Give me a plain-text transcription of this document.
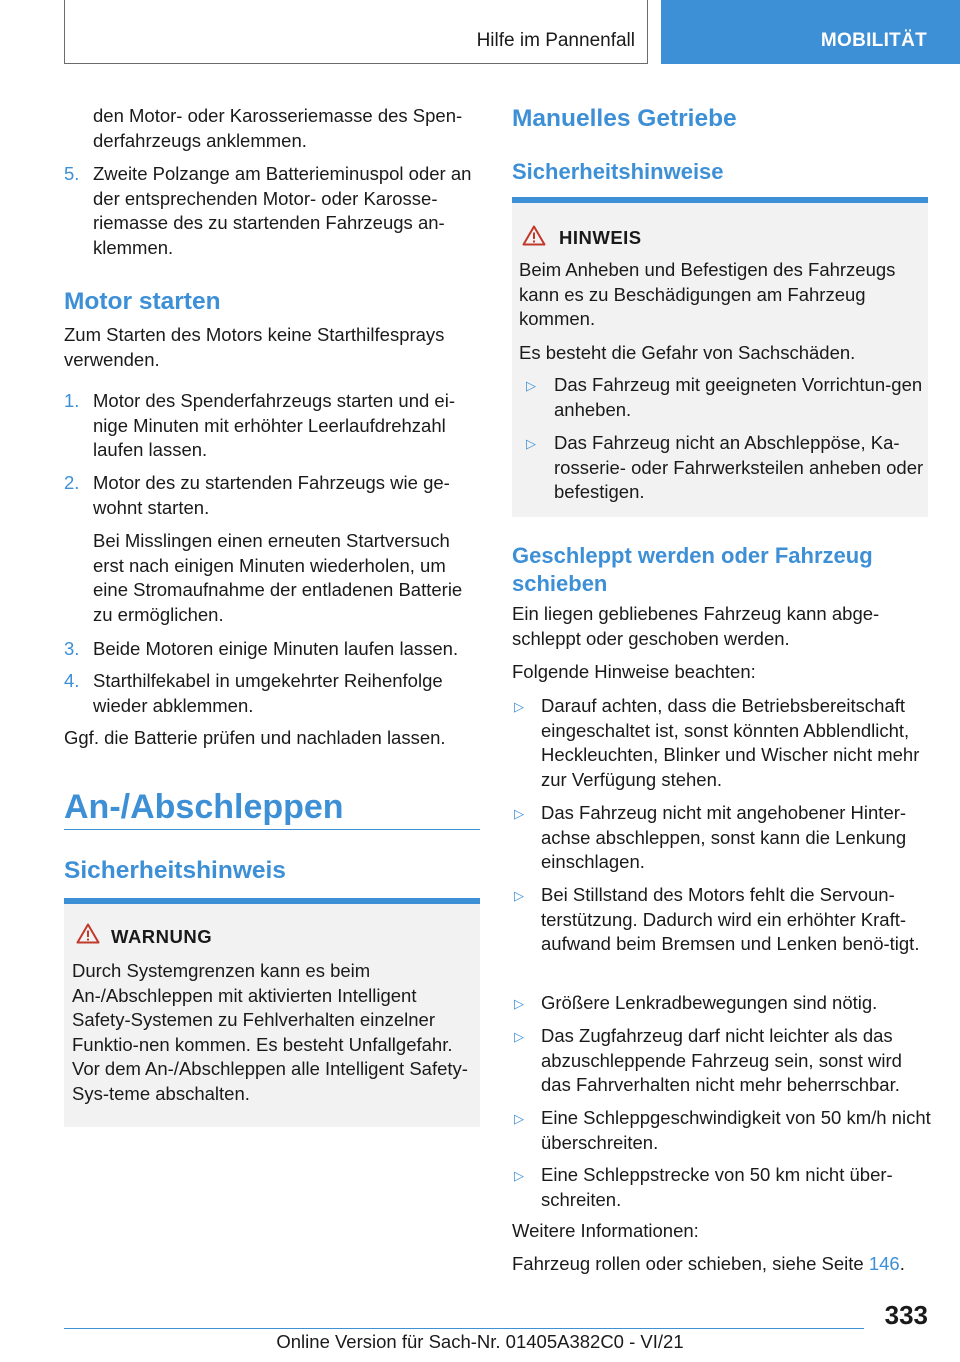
Hilfe im Pannenfall	MOBILITÄT

den Motor- oder Karosseriemasse des Spen-derfahrzeugs anklemmen.

5. Zweite Polzange am Batterieminuspol oder an der entsprechenden Motor- oder Karosse-riemasse des zu startenden Fahrzeugs an-klemmen.

Motor starten

Zum Starten des Motors keine Starthilfesprays verwenden.

1. Motor des Spenderfahrzeugs starten und ei-nige Minuten mit erhöhter Leerlaufdrehzahl laufen lassen.

2. Motor des zu startenden Fahrzeugs wie ge-wohnt starten.

Bei Misslingen einen erneuten Startversuch erst nach einigen Minuten wiederholen, um eine Stromaufnahme der entladenen Batterie zu ermöglichen.

3. Beide Motoren einige Minuten laufen lassen.

4. Starthilfekabel in umgekehrter Reihenfolge wieder abklemmen.

Ggf. die Batterie prüfen und nachladen lassen.

An-/Abschleppen
Sicherheitshinweis
WARNUNG

Durch Systemgrenzen kann es beim An-/Abschleppen mit aktivierten Intelligent Safety-Systemen zu Fehlverhalten einzelner Funktio-nen kommen. Es besteht Unfallgefahr. Vor dem An-/Abschleppen alle Intelligent Safety-Sys-teme abschalten.

Manuelles Getriebe
Sicherheitshinweise
HINWEIS

Beim Anheben und Befestigen des Fahrzeugs kann es zu Beschädigungen am Fahrzeug kommen.

Es besteht die Gefahr von Sachschäden.

▷ Das Fahrzeug mit geeigneten Vorrichtun-gen anheben.

▷ Das Fahrzeug nicht an Abschleppöse, Ka-rosserie- oder Fahrwerksteilen anheben oder befestigen.

Geschleppt werden oder Fahrzeug schieben

Ein liegen gebliebenes Fahrzeug kann abge-schleppt oder geschoben werden.

Folgende Hinweise beachten:

▷ Darauf achten, dass die Betriebsbereitschaft eingeschaltet ist, sonst könnten Abblendlicht, Heckleuchten, Blinker und Wischer nicht mehr zur Verfügung stehen.

▷ Das Fahrzeug nicht mit angehobener Hinter-achse abschleppen, sonst kann die Lenkung einschlagen.

▷ Bei Stillstand des Motors fehlt die Servoun-terstützung. Dadurch wird ein erhöhter Kraft-aufwand beim Bremsen und Lenken benö-tigt.

▷ Größere Lenkradbewegungen sind nötig.

▷ Das Zugfahrzeug darf nicht leichter als das abzuschleppende Fahrzeug sein, sonst wird das Fahrverhalten nicht mehr beherrschbar.

▷ Eine Schleppgeschwindigkeit von 50 km/h nicht überschreiten.

▷ Eine Schleppstrecke von 50 km nicht über-schreiten.

Weitere Informationen:

Fahrzeug rollen oder schieben, siehe Seite 146.

333
Online Version für Sach-Nr. 01405A382C0 - VI/21
